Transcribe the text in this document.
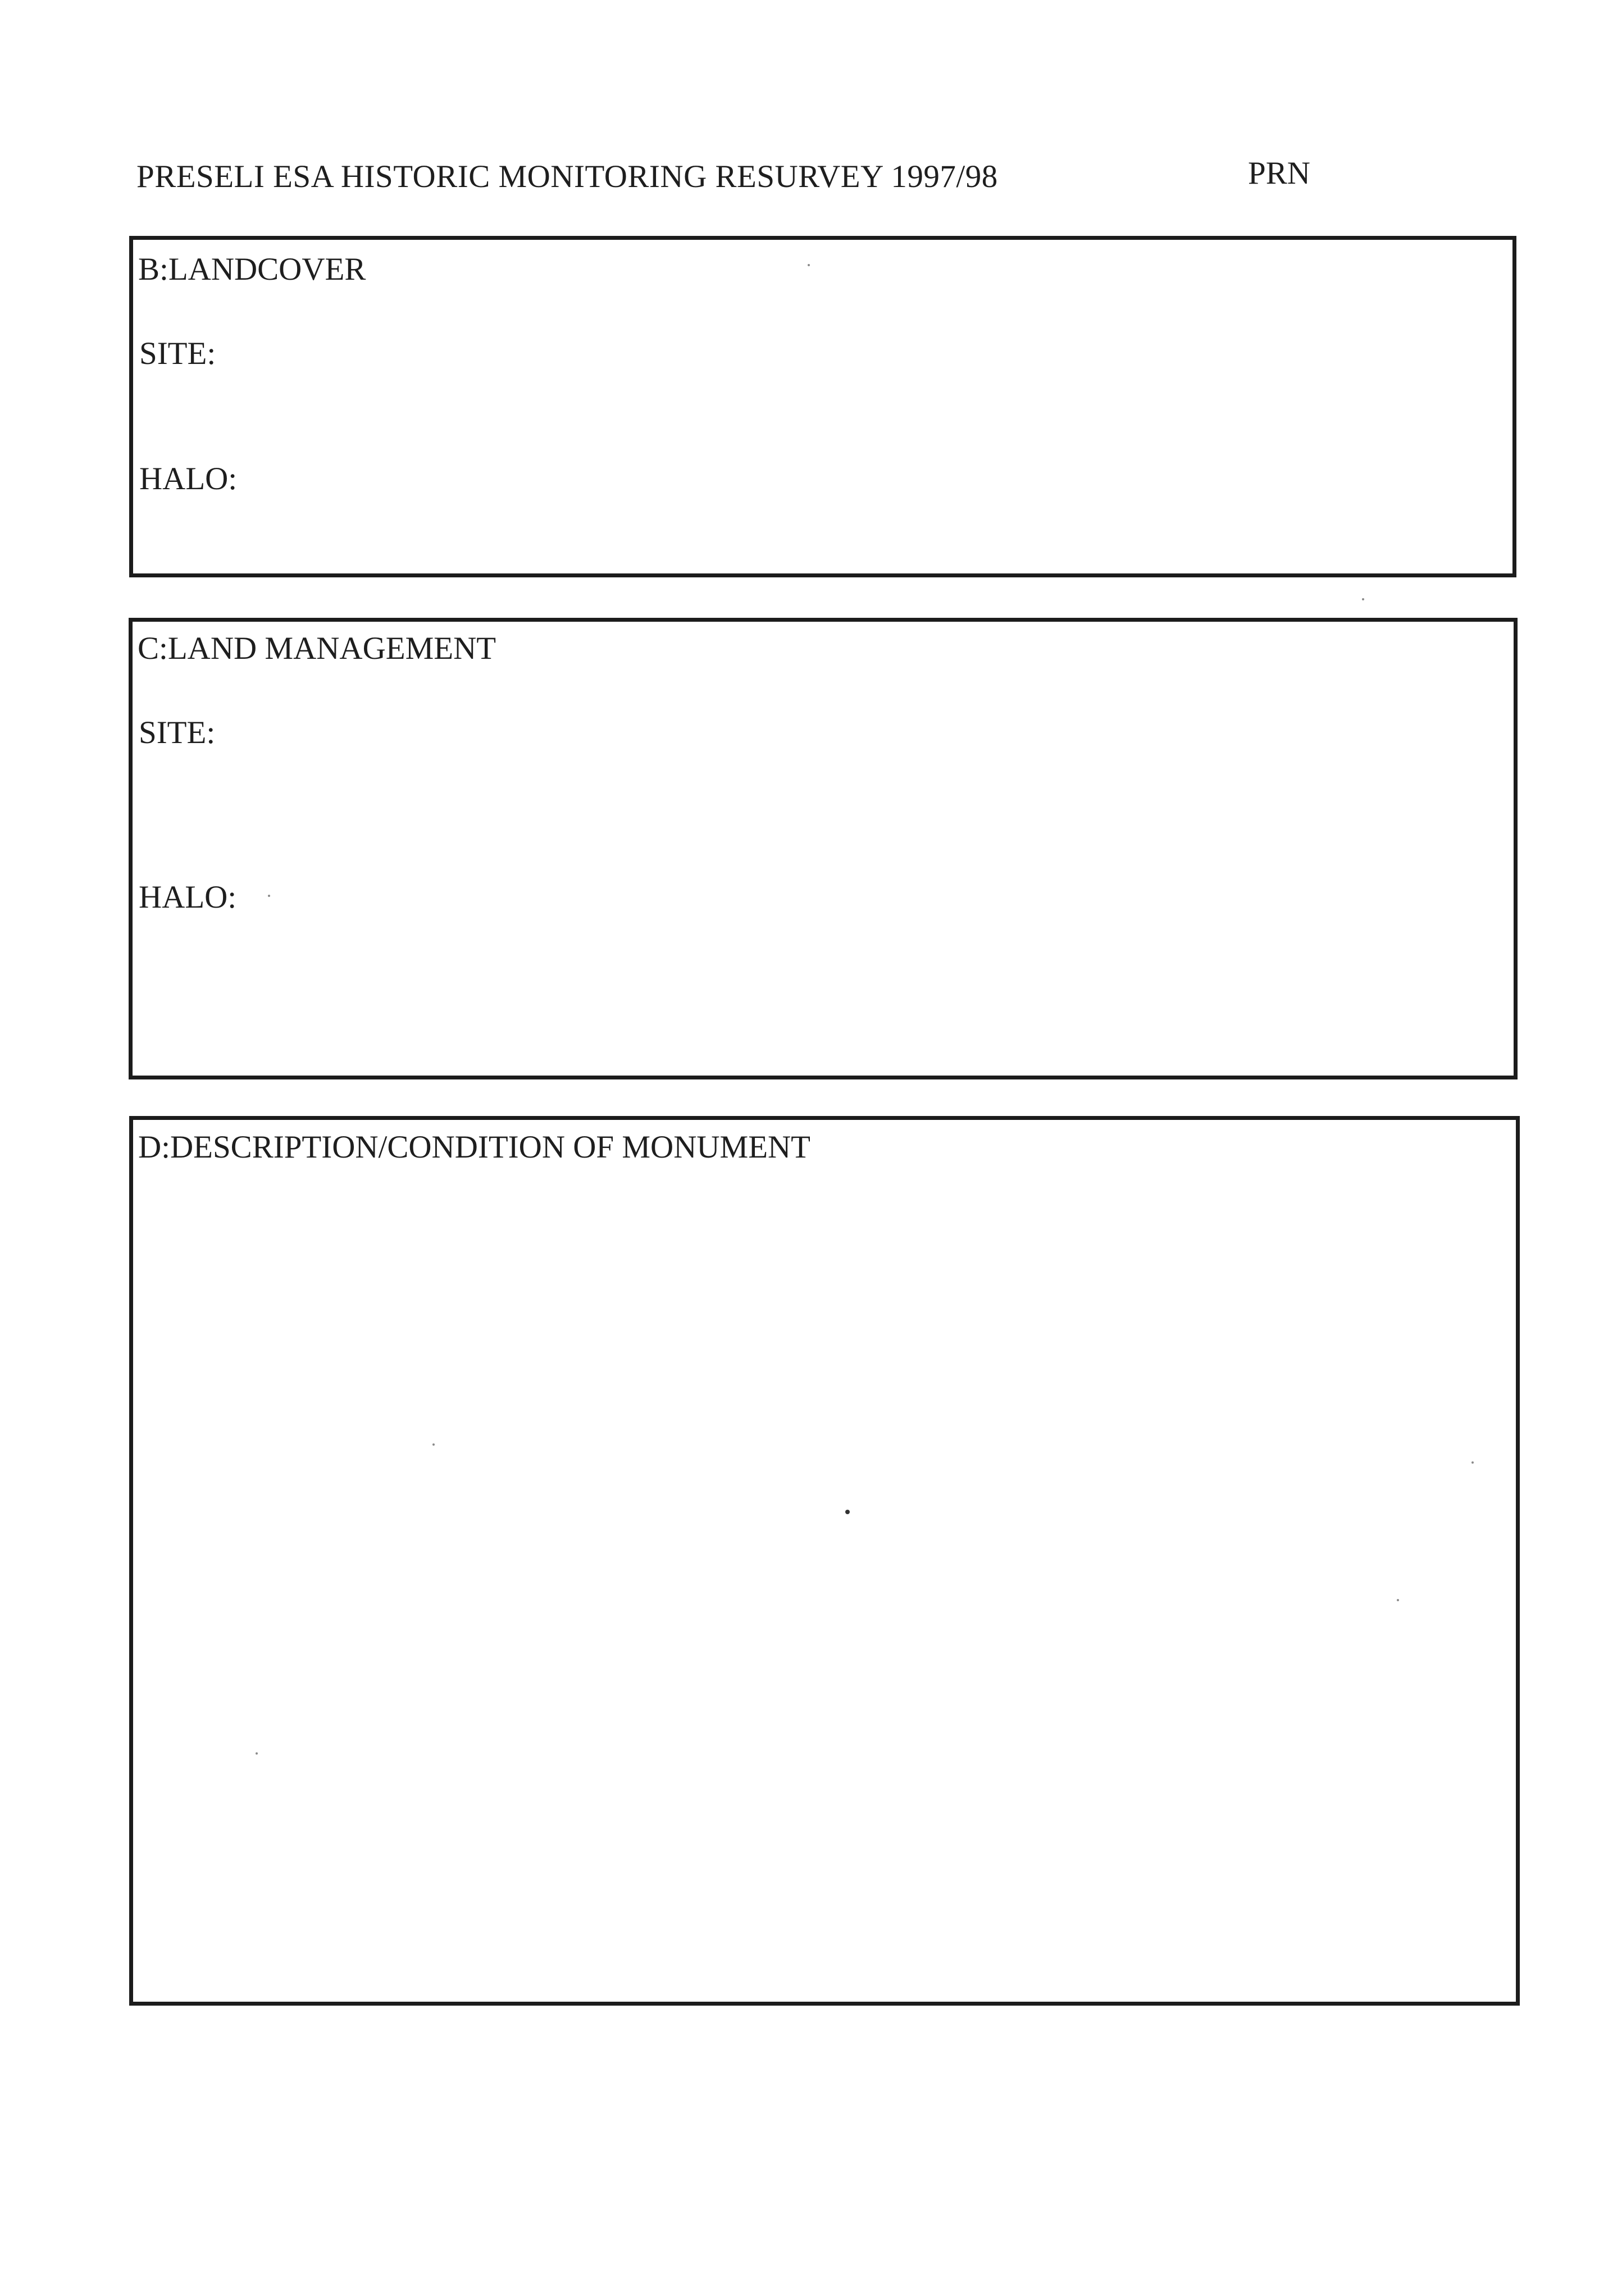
PRESELI ESA HISTORIC MONITORING RESURVEY 1997/98	PRN
B:LANDCOVER
SITE:
HALO:
C:LAND MANAGEMENT
SITE:
HALO:
D:DESCRIPTION/CONDITION OF MONUMENT
